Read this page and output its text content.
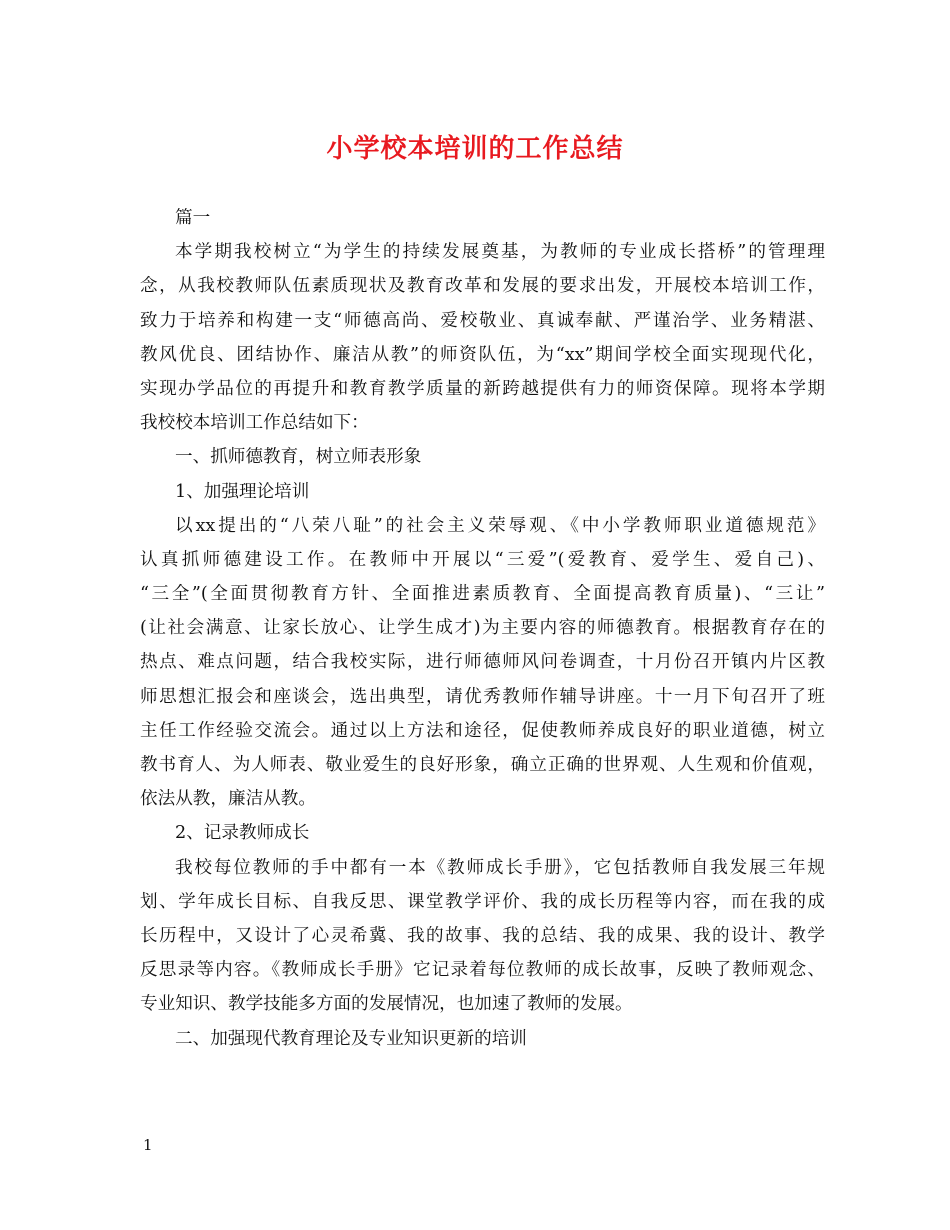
小学校本培训的工作总结
篇一
本学期我校树立“为学生的持续发展奠基，为教师的专业成长搭桥”的管理理
念，从我校教师队伍素质现状及教育改革和发展的要求出发，开展校本培训工作，
致力于培养和构建一支“师德高尚、爱校敬业、真诚奉献、严谨治学、业务精湛、
教风优良、团结协作、廉洁从教”的师资队伍，为“xx”期间学校全面实现现代化，
实现办学品位的再提升和教育教学质量的新跨越提供有力的师资保障。现将本学期
我校校本培训工作总结如下：
一、抓师德教育，树立师表形象
1、加强理论培训
以xx提出的“八荣八耻”的社会主义荣辱观、《中小学教师职业道德规范》
认真抓师德建设工作。在教师中开展以“三爱”(爱教育、爱学生、爱自己)、
“三全”(全面贯彻教育方针、全面推进素质教育、全面提高教育质量)、“三让”
(让社会满意、让家长放心、让学生成才)为主要内容的师德教育。根据教育存在的
热点、难点问题，结合我校实际，进行师德师风问卷调查，十月份召开镇内片区教
师思想汇报会和座谈会，选出典型，请优秀教师作辅导讲座。十一月下旬召开了班
主任工作经验交流会。通过以上方法和途径，促使教师养成良好的职业道德，树立
教书育人、为人师表、敬业爱生的良好形象，确立正确的世界观、人生观和价值观，
依法从教，廉洁从教。
2、记录教师成长
我校每位教师的手中都有一本《教师成长手册》，它包括教师自我发展三年规
划、学年成长目标、自我反思、课堂教学评价、我的成长历程等内容，而在我的成
长历程中，又设计了心灵希冀、我的故事、我的总结、我的成果、我的设计、教学
反思录等内容。《教师成长手册》它记录着每位教师的成长故事，反映了教师观念、
专业知识、教学技能多方面的发展情况，也加速了教师的发展。
二、加强现代教育理论及专业知识更新的培训
1
